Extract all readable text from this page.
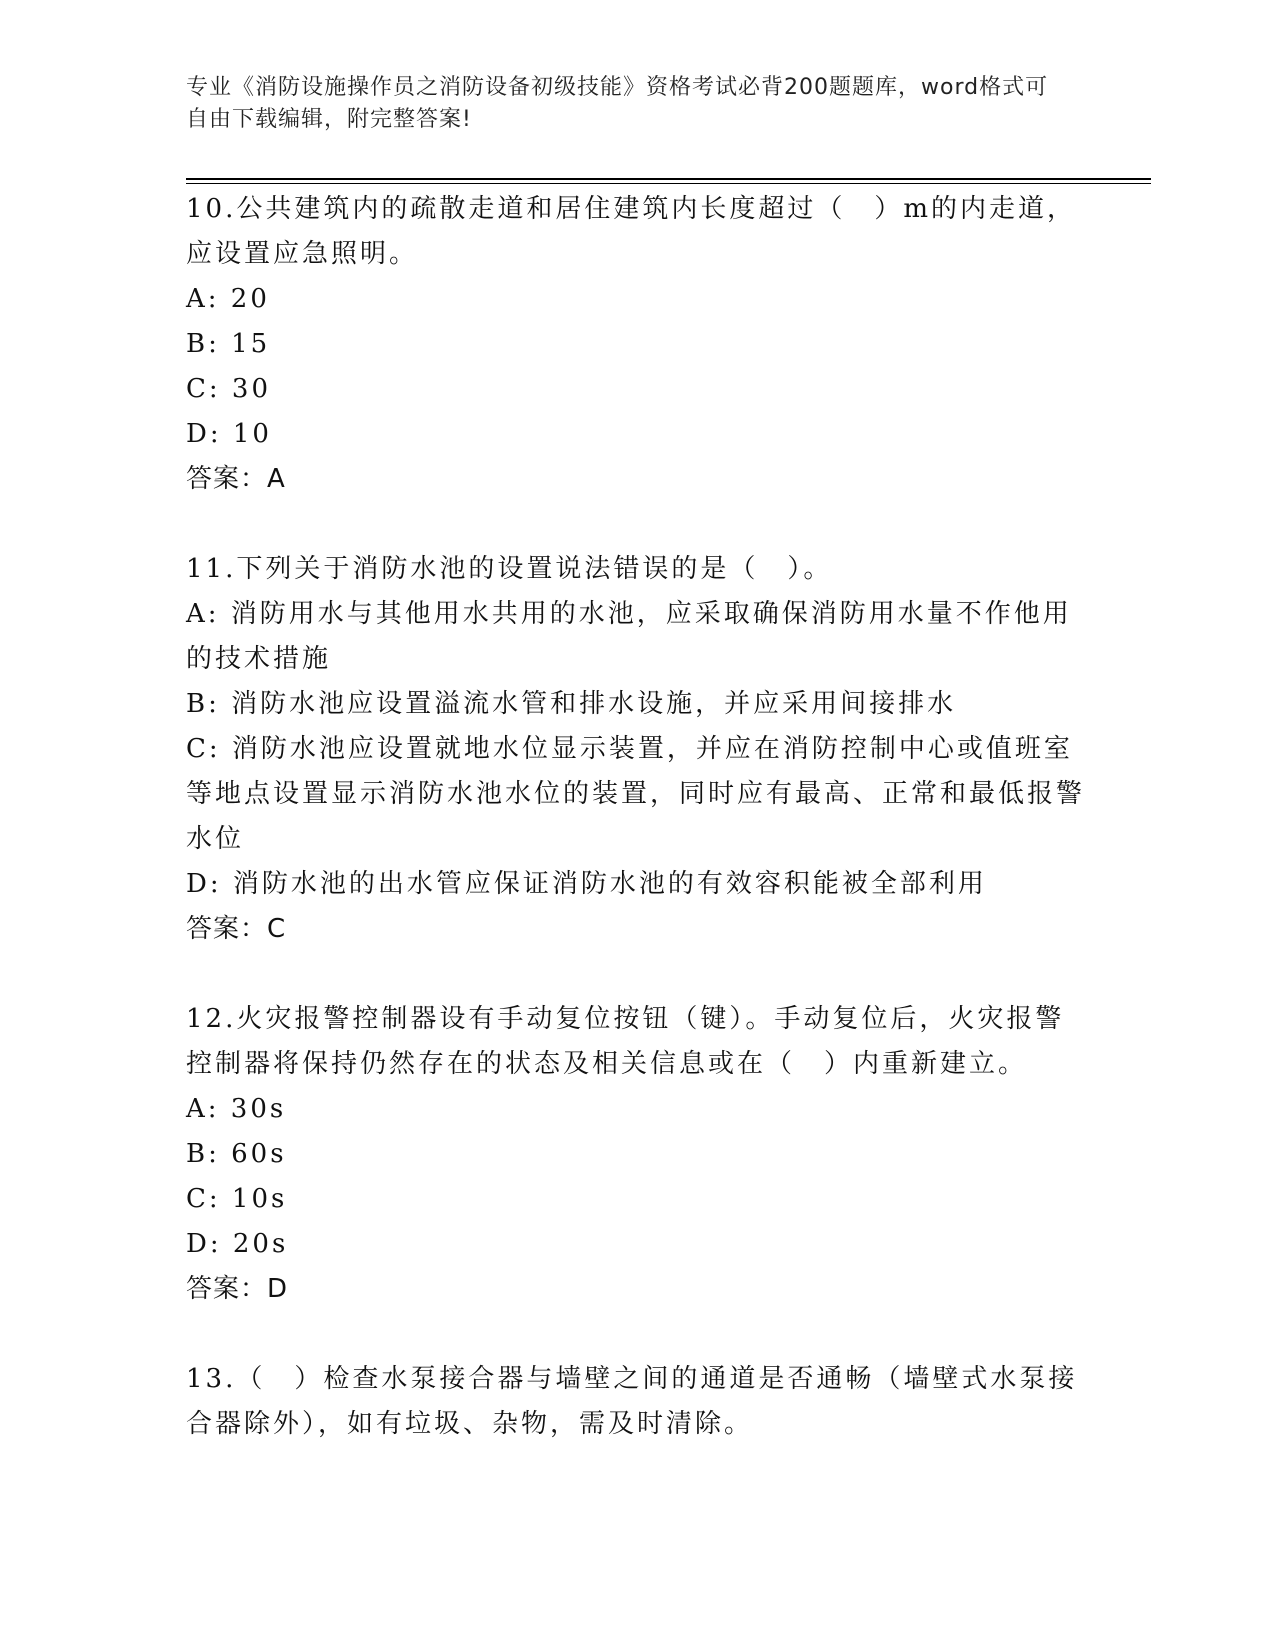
专业《消防设施操作员之消防设备初级技能》资格考试必背200题题库，word格式可自由下载编辑，附完整答案!
10.公共建筑内的疏散走道和居住建筑内长度超过（　）m的内走道，应设置应急照明。
A: 20
B: 15
C: 30
D: 10
答案：A
11.下列关于消防水池的设置说法错误的是（　）。
A: 消防用水与其他用水共用的水池，应采取确保消防用水量不作他用的技术措施
B: 消防水池应设置溢流水管和排水设施，并应采用间接排水
C: 消防水池应设置就地水位显示装置，并应在消防控制中心或值班室等地点设置显示消防水池水位的装置，同时应有最高、正常和最低报警水位
D: 消防水池的出水管应保证消防水池的有效容积能被全部利用
答案：C
12.火灾报警控制器设有手动复位按钮（键）。手动复位后，火灾报警控制器将保持仍然存在的状态及相关信息或在（　）内重新建立。
A: 30s
B: 60s
C: 10s
D: 20s
答案：D
13.（　）检查水泵接合器与墙壁之间的通道是否通畅（墙壁式水泵接合器除外），如有垃圾、杂物，需及时清除。
